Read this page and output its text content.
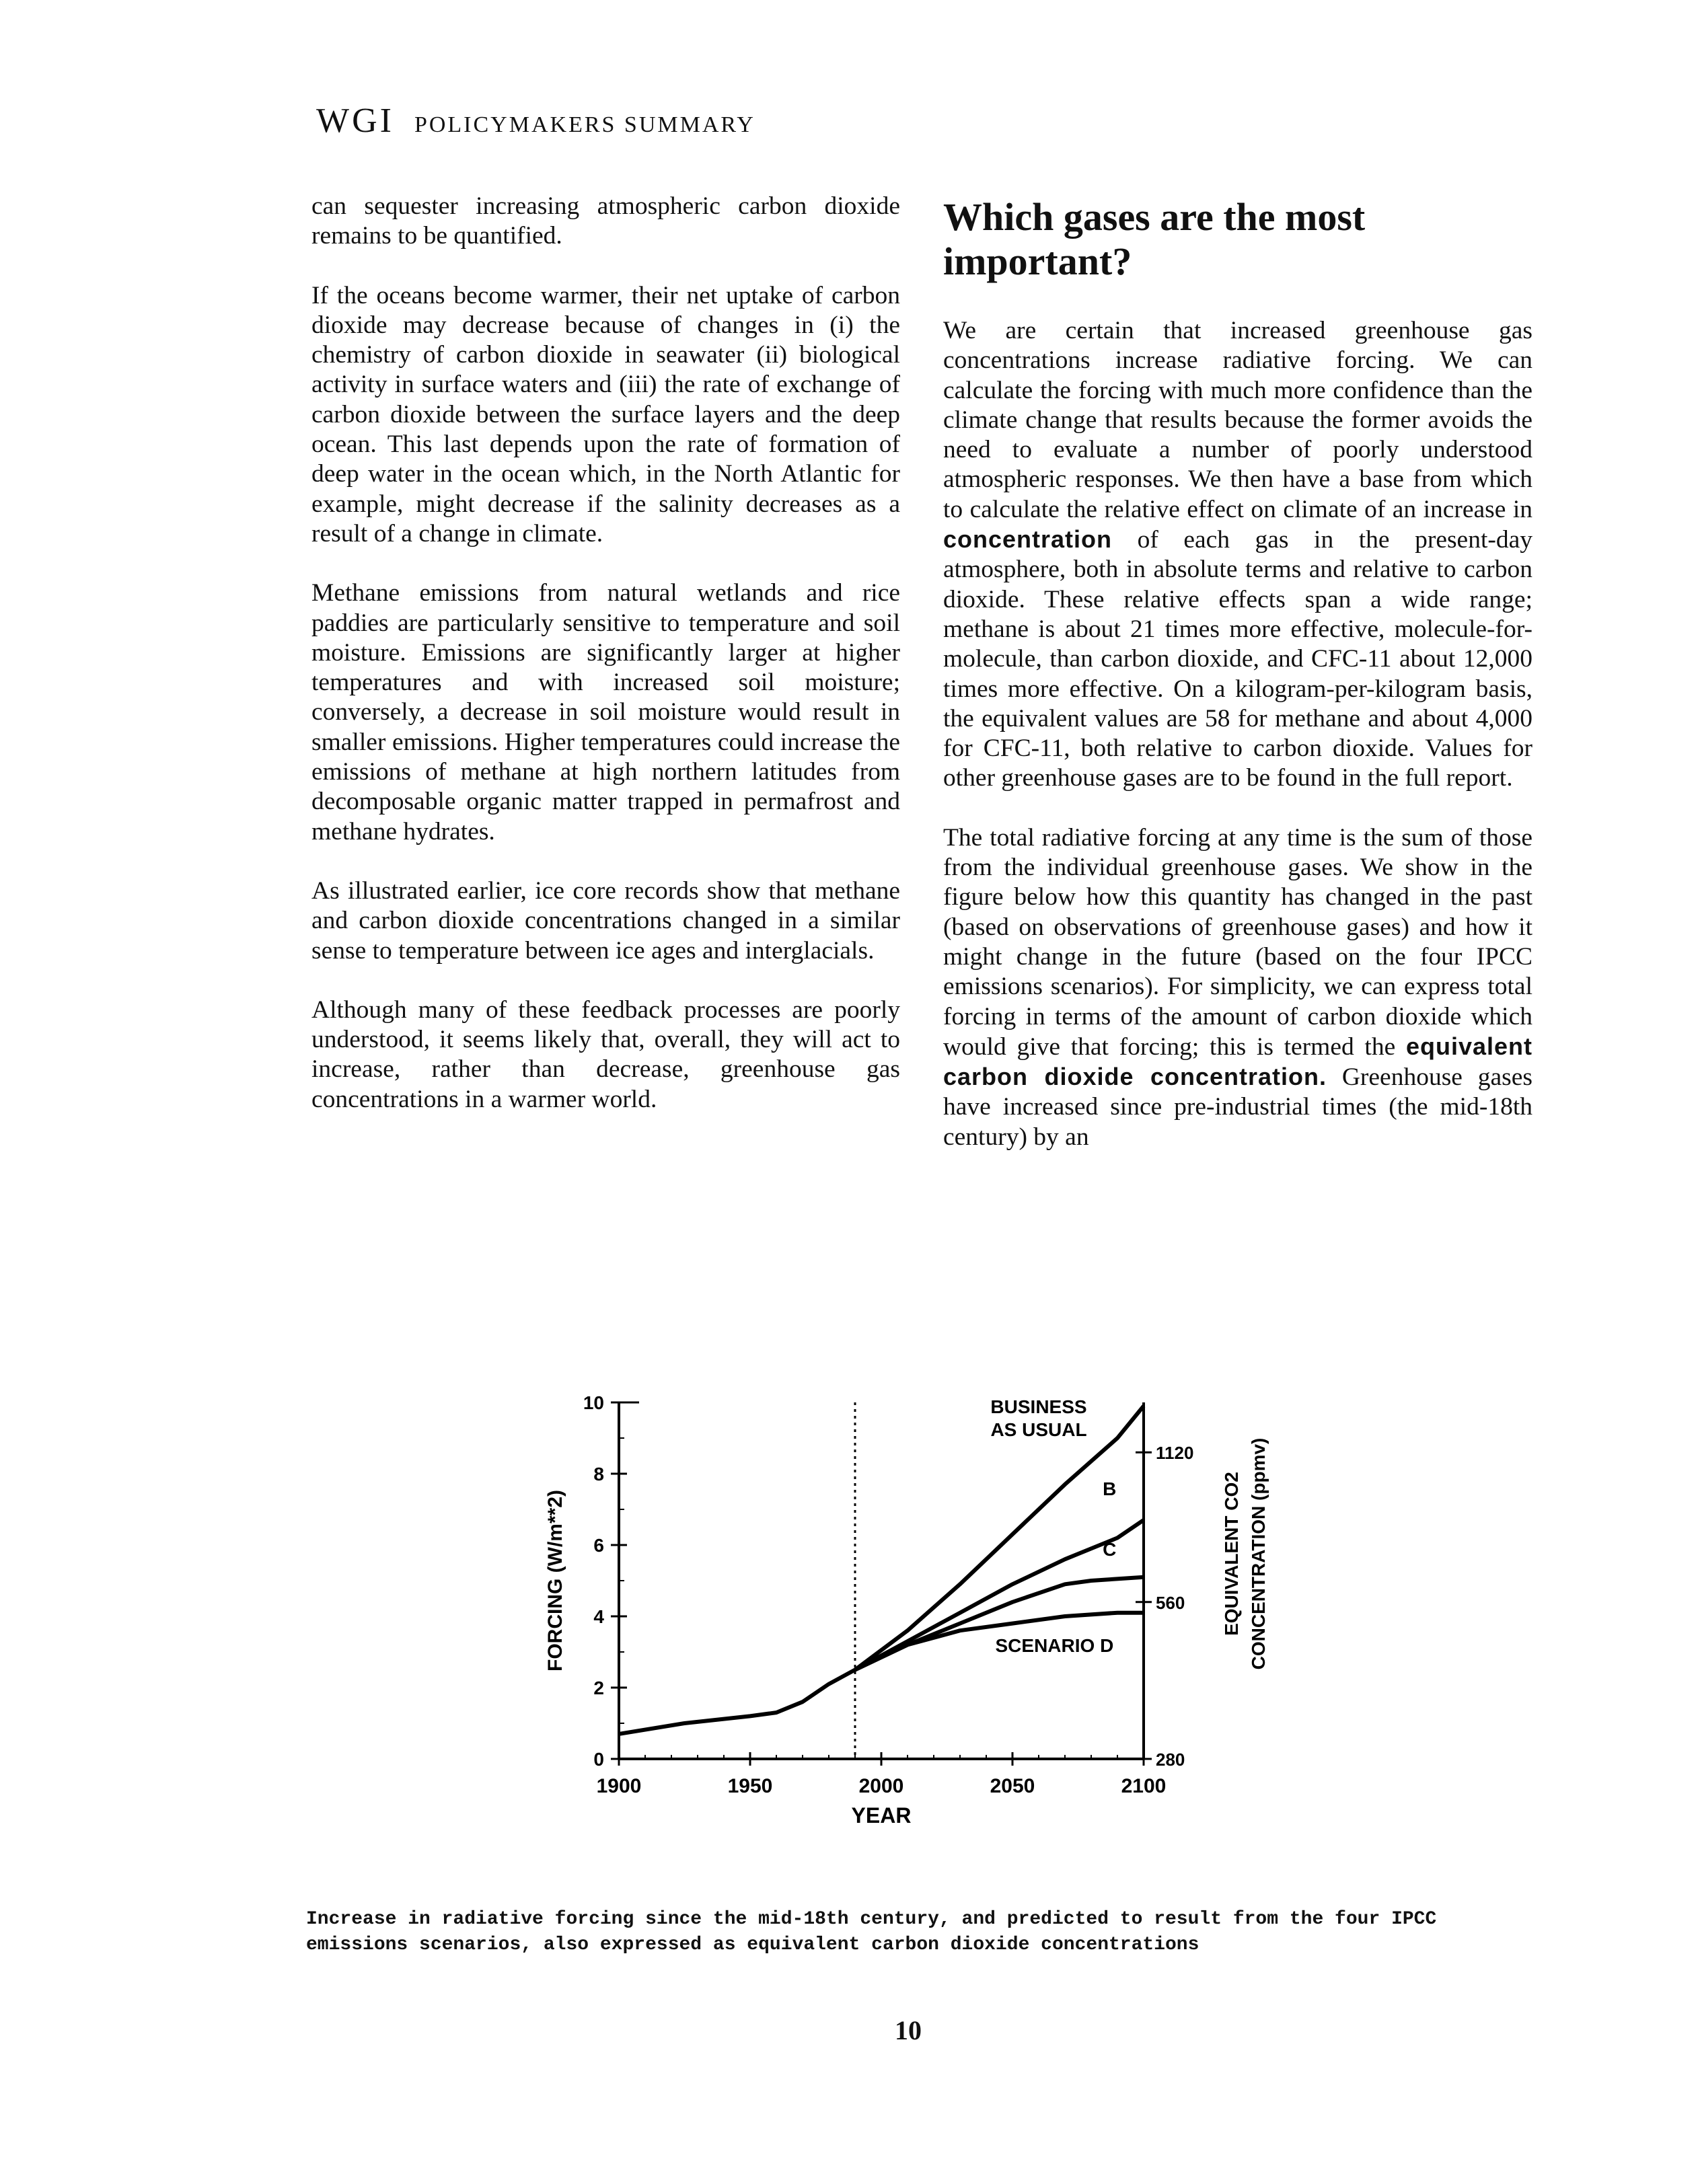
WGI POLICYMAKERS SUMMARY

can sequester increasing atmospheric carbon dioxide remains to be quantified.

If the oceans become warmer, their net uptake of carbon dioxide may decrease because of changes in (i) the chemistry of carbon dioxide in seawater (ii) biological activity in surface waters and (iii) the rate of exchange of carbon dioxide between the surface layers and the deep ocean. This last depends upon the rate of formation of deep water in the ocean which, in the North Atlantic for example, might decrease if the salinity decreases as a result of a change in climate.

Methane emissions from natural wetlands and rice paddies are particularly sensitive to temperature and soil moisture. Emissions are significantly larger at higher temperatures and with increased soil moisture; conversely, a decrease in soil moisture would result in smaller emissions. Higher temperatures could increase the emissions of methane at high northern latitudes from decomposable organic matter trapped in permafrost and methane hydrates.

As illustrated earlier, ice core records show that methane and carbon dioxide concentrations changed in a similar sense to temperature between ice ages and interglacials.

Although many of these feedback processes are poorly understood, it seems likely that, overall, they will act to increase, rather than decrease, greenhouse gas concentrations in a warmer world.

Which gases are the most important?

We are certain that increased greenhouse gas concentrations increase radiative forcing. We can calculate the forcing with much more confidence than the climate change that results because the former avoids the need to evaluate a number of poorly understood atmospheric responses. We then have a base from which to calculate the relative effect on climate of an increase in concentration of each gas in the present-day atmosphere, both in absolute terms and relative to carbon dioxide. These relative effects span a wide range; methane is about 21 times more effective, molecule-for-molecule, than carbon dioxide, and CFC-11 about 12,000 times more effective. On a kilogram-per-kilogram basis, the equivalent values are 58 for methane and about 4,000 for CFC-11, both relative to carbon dioxide. Values for other greenhouse gases are to be found in the full report.

The total radiative forcing at any time is the sum of those from the individual greenhouse gases. We show in the figure below how this quantity has changed in the past (based on observations of greenhouse gases) and how it might change in the future (based on the four IPCC emissions scenarios). For simplicity, we can express total forcing in terms of the amount of carbon dioxide which would give that forcing; this is termed the equivalent carbon dioxide concentration. Greenhouse gases have increased since pre-industrial times (the mid-18th century) by an

0
2
4
6
8
10
1900	1950	2000	2050	2100
280
560
1120
BUSINESS AS USUAL
B
C
SCENARIO D
YEAR
FORCING (W/m**2)	EQUIVALENT CO2 CONCENTRATION (ppmv)
Increase in radiative forcing since the mid-18th century, and predicted to result from the four IPCC emissions scenarios, also expressed as equivalent carbon dioxide concentrations
10
